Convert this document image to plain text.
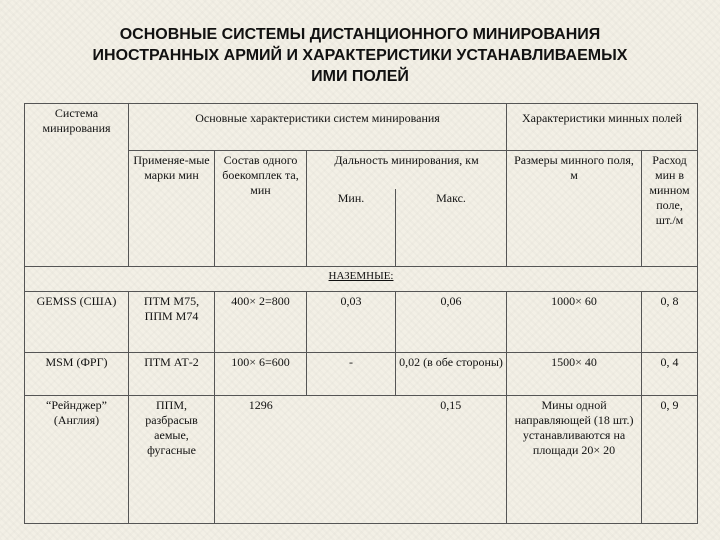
ОСНОВНЫЕ СИСТЕМЫ ДИСТАНЦИОННОГО МИНИРОВАНИЯ
ИНОСТРАННЫХ АРМИЙ И ХАРАКТЕРИСТИКИ УСТАНАВЛИВАЕМЫХ
ИМИ ПОЛЕЙ
Система минирования	Основные характеристики систем минирования				Характеристики минных полей	
	Применяе-мые марки мин	Состав одного боекомплек та, мин	Дальность минирования, км		Размеры минного поля, м	Расход мин в минном поле, шт./м
			Мин.	Макс.		
НАЗЕМНЫЕ:						
GEMSS (США)	ПТМ М75, ППМ М74	400× 2=800	0,03	0,06	1000× 60	0, 8
MSM (ФРГ)	ПТМ АТ-2	100× 6=600	-	0,02 (в обе стороны)	1500× 40	0, 4
“Рейнджер” (Англия)	ППМ, разбрасыв аемые, фугасные	1296		0,15	Мины одной направляющей (18 шт.) устанавливаются на площади 20× 20	0, 9
